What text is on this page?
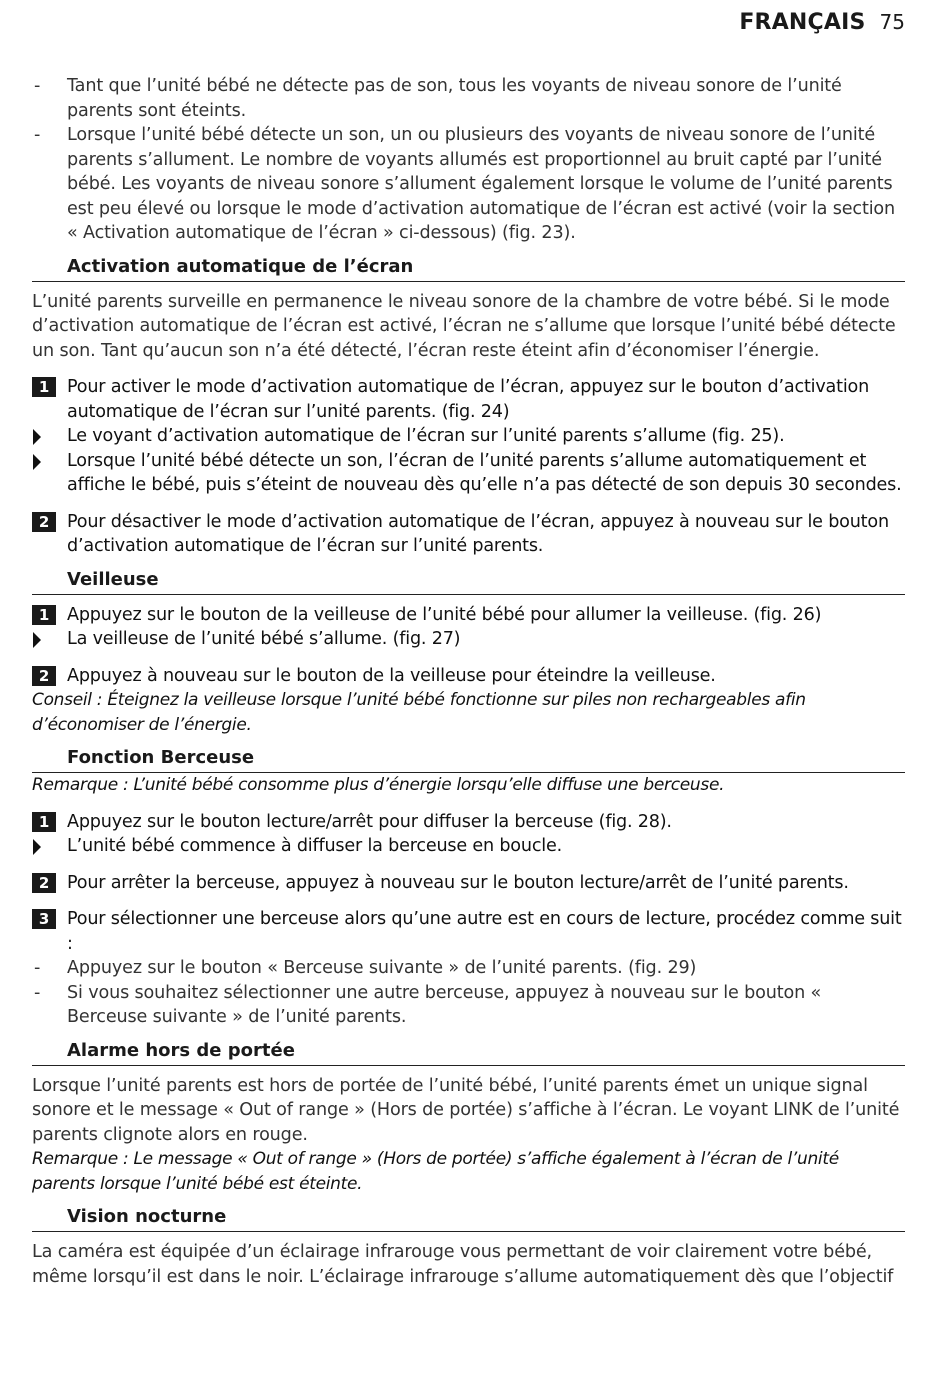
FRANÇAIS 75

- Tant que l’unité bébé ne détecte pas de son, tous les voyants de niveau sonore de l’unité parents sont éteints.

- Lorsque l’unité bébé détecte un son, un ou plusieurs des voyants de niveau sonore de l’unité parents s’allument. Le nombre de voyants allumés est proportionnel au bruit capté par l’unité bébé. Les voyants de niveau sonore s’allument également lorsque le volume de l’unité parents est peu élevé ou lorsque le mode d’activation automatique de l’écran est activé (voir la section « Activation automatique de l’écran » ci-dessous) (fig. 23).

Activation automatique de l’écran

L’unité parents surveille en permanence le niveau sonore de la chambre de votre bébé. Si le mode d’activation automatique de l’écran est activé, l’écran ne s’allume que lorsque l’unité bébé détecte un son. Tant qu’aucun son n’a été détecté, l’écran reste éteint afin d’économiser l’énergie.

1	Pour activer le mode d’activation automatique de l’écran, appuyez sur le bouton d’activation automatique de l’écran sur l’unité parents. (fig. 24)
Le voyant d’activation automatique de l’écran sur l’unité parents s’allume (fig. 25).
Lorsque l’unité bébé détecte un son, l’écran de l’unité parents s’allume automatiquement et affiche le bébé, puis s’éteint de nouveau dès qu’elle n’a pas détecté de son depuis 30 secondes.
2	Pour désactiver le mode d’activation automatique de l’écran, appuyez à nouveau sur le bouton d’activation automatique de l’écran sur l’unité parents.
Veilleuse
1	Appuyez sur le bouton de la veilleuse de l’unité bébé pour allumer la veilleuse. (fig. 26)
La veilleuse de l’unité bébé s’allume. (fig. 27)
2	Appuyez à nouveau sur le bouton de la veilleuse pour éteindre la veilleuse.

Conseil : Éteignez la veilleuse lorsque l’unité bébé fonctionne sur piles non rechargeables afin d’économiser de l’énergie.

Fonction Berceuse

Remarque : L’unité bébé consomme plus d’énergie lorsqu’elle diffuse une berceuse.

1	Appuyez sur le bouton lecture/arrêt pour diffuser la berceuse (fig. 28).
L’unité bébé commence à diffuser la berceuse en boucle.
2	Pour arrêter la berceuse, appuyez à nouveau sur le bouton lecture/arrêt de l’unité parents.
3	Pour sélectionner une berceuse alors qu’une autre est en cours de lecture, procédez comme suit :

- Appuyez sur le bouton « Berceuse suivante » de l’unité parents. (fig. 29)

- Si vous souhaitez sélectionner une autre berceuse, appuyez à nouveau sur le bouton « Berceuse suivante » de l’unité parents.

Alarme hors de portée

Lorsque l’unité parents est hors de portée de l’unité bébé, l’unité parents émet un unique signal sonore et le message « Out of range » (Hors de portée) s’affiche à l’écran. Le voyant LINK de l’unité parents clignote alors en rouge.

Remarque : Le message « Out of range » (Hors de portée) s’affiche également à l’écran de l’unité parents lorsque l’unité bébé est éteinte.

Vision nocturne

La caméra est équipée d’un éclairage infrarouge vous permettant de voir clairement votre bébé, même lorsqu’il est dans le noir. L’éclairage infrarouge s’allume automatiquement dès que l’objectif
